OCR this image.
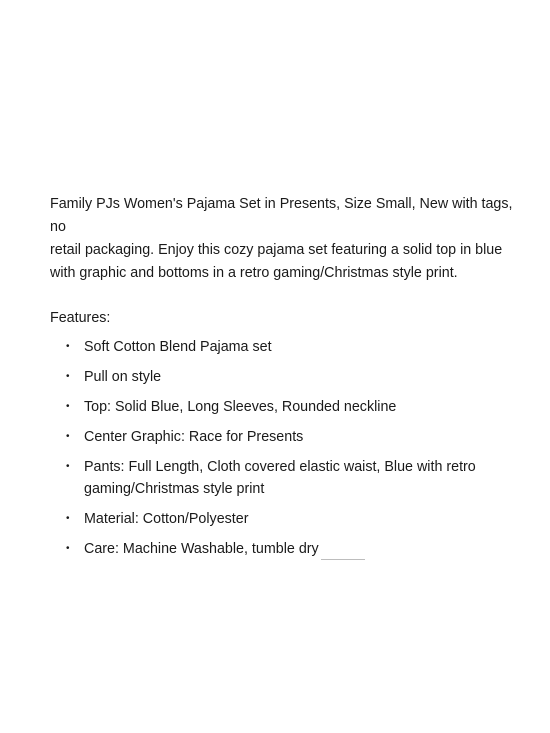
Family PJs Women's Pajama Set in Presents, Size Small, New with tags, no
retail packaging. Enjoy this cozy pajama set featuring a solid top in blue
with graphic and bottoms in a retro gaming/Christmas style print.

Features:

• Soft Cotton Blend Pajama set
• Pull on style
• Top: Solid Blue, Long Sleeves, Rounded neckline
• Center Graphic: Race for Presents
• Pants: Full Length, Cloth covered elastic waist, Blue with retro
gaming/Christmas style print
• Material: Cotton/Polyester
• Care: Machine Washable, tumble dry
